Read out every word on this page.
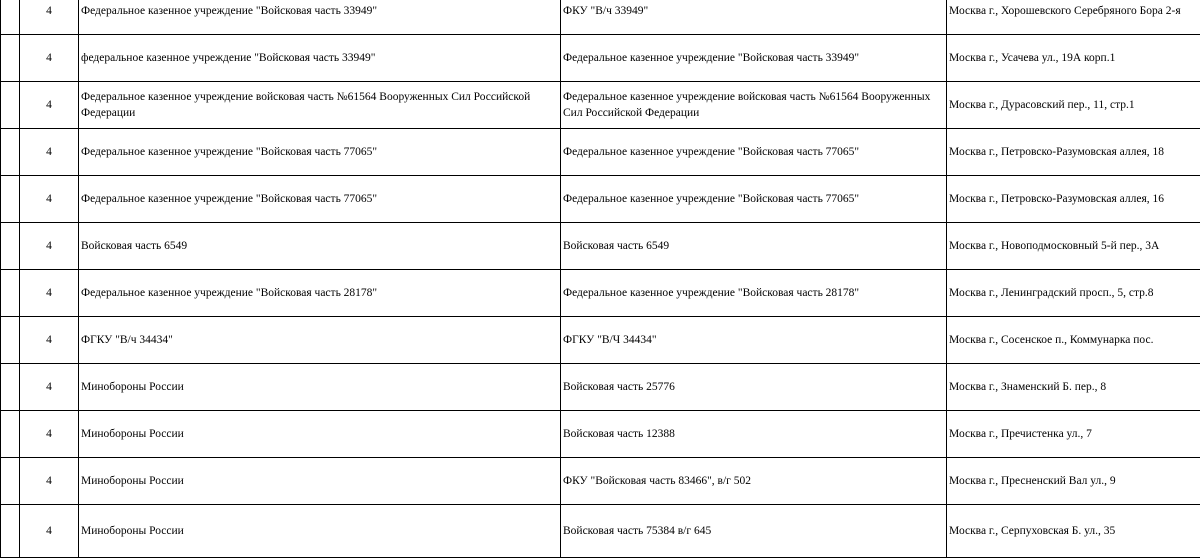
	4	Федеральное казенное учреждение "Войсковая часть 33949"	ФКУ "В/ч 33949"	Москва г., Хорошевского Серебряного Бора 2-я
	4	федеральное казенное учреждение "Войсковая часть 33949"	Федеральное казенное учреждение "Войсковая часть 33949"	Москва г., Усачева ул., 19А корп.1
	4	Федеральное казенное учреждение войсковая часть №61564 Вооруженных Сил Российской Федерации	Федеральное казенное учреждение войсковая часть №61564 Вооруженных Сил Российской Федерации	Москва г., Дурасовский пер., 11, стр.1
	4	Федеральное казенное учреждение "Войсковая часть 77065"	Федеральное казенное учреждение "Войсковая часть 77065"	Москва г., Петровско-Разумовская аллея, 18
	4	Федеральное казенное учреждение "Войсковая часть 77065"	Федеральное казенное учреждение "Войсковая часть 77065"	Москва г., Петровско-Разумовская аллея, 16
	4	Войсковая часть 6549	Войсковая часть 6549	Москва г., Новоподмосковный 5-й пер., 3А
	4	Федеральное казенное учреждение "Войсковая часть 28178"	Федеральное казенное учреждение "Войсковая часть 28178"	Москва г., Ленинградский просп., 5, стр.8
	4	ФГКУ "В/ч 34434"	ФГКУ "В/Ч 34434"	Москва г., Сосенское п., Коммунарка пос.
	4	Минобороны России	Войсковая часть 25776	Москва г., Знаменский Б. пер., 8
	4	Минобороны России	Войсковая часть 12388	Москва г., Пречистенка ул., 7
	4	Минобороны России	ФКУ "Войсковая часть 83466", в/г 502	Москва г., Пресненский Вал ул., 9
	4	Минобороны России	Войсковая часть 75384 в/г 645	Москва г., Серпуховская Б. ул., 35
